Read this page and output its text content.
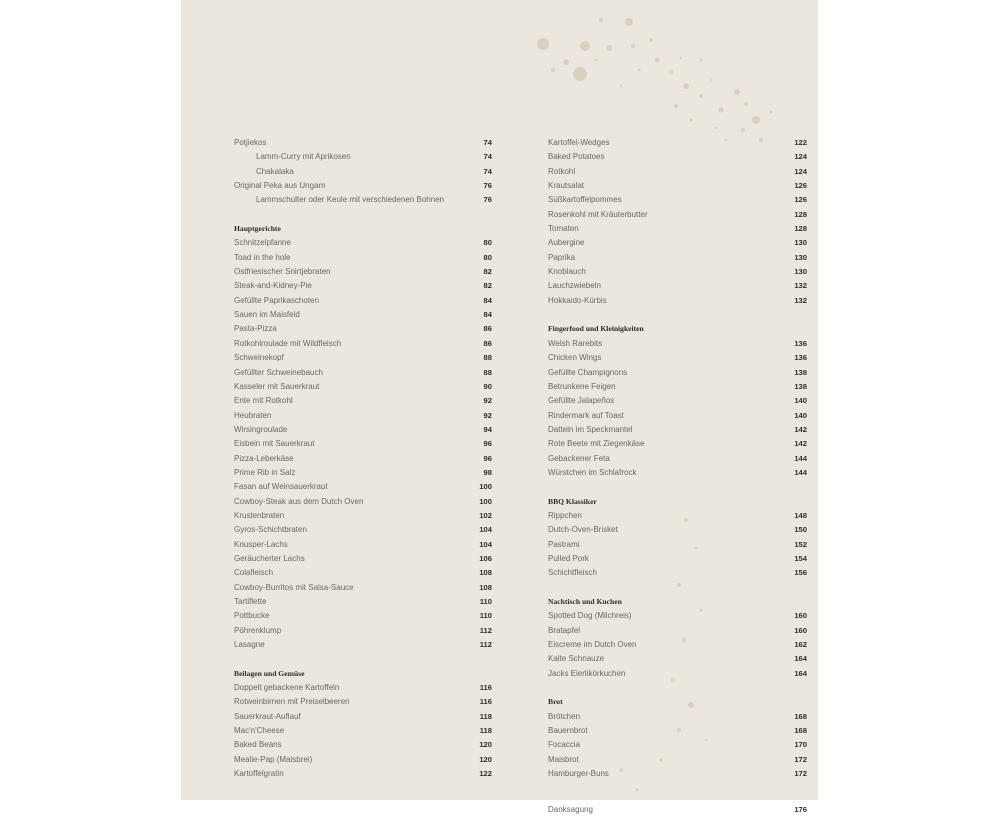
Potjiekos	74
Lamm-Curry mit Aprikosen	74
Chakalaka	74
Original Peka aus Ungarn	76
Lammschulter oder Keule mit verschiedenen Bohnen	76
Hauptgerichte
Schnitzelpfanne	80
Toad in the hole	80
Ostfriesischer Snirtjebraten	82
Steak-and-Kidney-Pie	82
Gefüllte Paprikaschoten	84
Sauen im Maisfeld	84
Pasta-Pizza	86
Rotkohlroulade mit Wildfleisch	86
Schweinekopf	88
Gefüllter Schweinebauch	88
Kasseler mit Sauerkraut	90
Ente mit Rotkohl	92
Heubraten	92
Wirsingroulade	94
Eisbein mit Sauerkraut	96
Pizza-Leberkäse	96
Prime Rib in Salz	98
Fasan auf Weinsauerkraut	100
Cowboy-Steak aus dem Dutch Oven	100
Krustenbraten	102
Gyros-Schichtbraten	104
Knusper-Lachs	104
Geräucherter Lachs	106
Colafleisch	108
Cowboy-Burritos mit Salsa-Sauce	108
Tartiflette	110
Pottbucke	110
Pöhrenklump	112
Lasagne	112
Beilagen und Gemüse
Doppelt gebackene Kartoffeln	116
Rotweinbirnen mit Preiselbeeren	116
Sauerkraut-Auflauf	118
Mac'n'Cheese	118
Baked Beans	120
Mealie-Pap (Maisbrei)	120
Kartoffelgratin	122
Kartoffel-Wedges	122
Baked Potatoes	124
Rotkohl	124
Krautsalat	126
Süßkartoffelpommes	126
Rosenkohl mit Kräuterbutter	128
Tomaten	128
Aubergine	130
Paprika	130
Knoblauch	130
Lauchzwiebeln	132
Hokkaido-Kürbis	132
Fingerfood und Kleinigkeiten
Welsh Rarebits	136
Chicken Wings	136
Gefüllte Champignons	138
Betrunkene Feigen	138
Gefüllte Jalapeños	140
Rindermark auf Toast	140
Datteln im Speckmantel	142
Rote Beete mit Ziegenkäse	142
Gebackener Feta	144
Würstchen im Schlafrock	144
BBQ Klassiker
Rippchen	148
Dutch-Oven-Brisket	150
Pastrami	152
Pulled Pork	154
Schichtfleisch	156
Nachtisch und Kuchen
Spotted Dog (Milchreis)	160
Bratapfel	160
Eiscreme im Dutch Oven	162
Kalte Schnauze	164
Jacks Eierlikörkuchen	164
Brot
Brötchen	168
Bauernbrot	168
Focaccia	170
Maisbrot	172
Hamburger-Buns	172
Danksagung	176
